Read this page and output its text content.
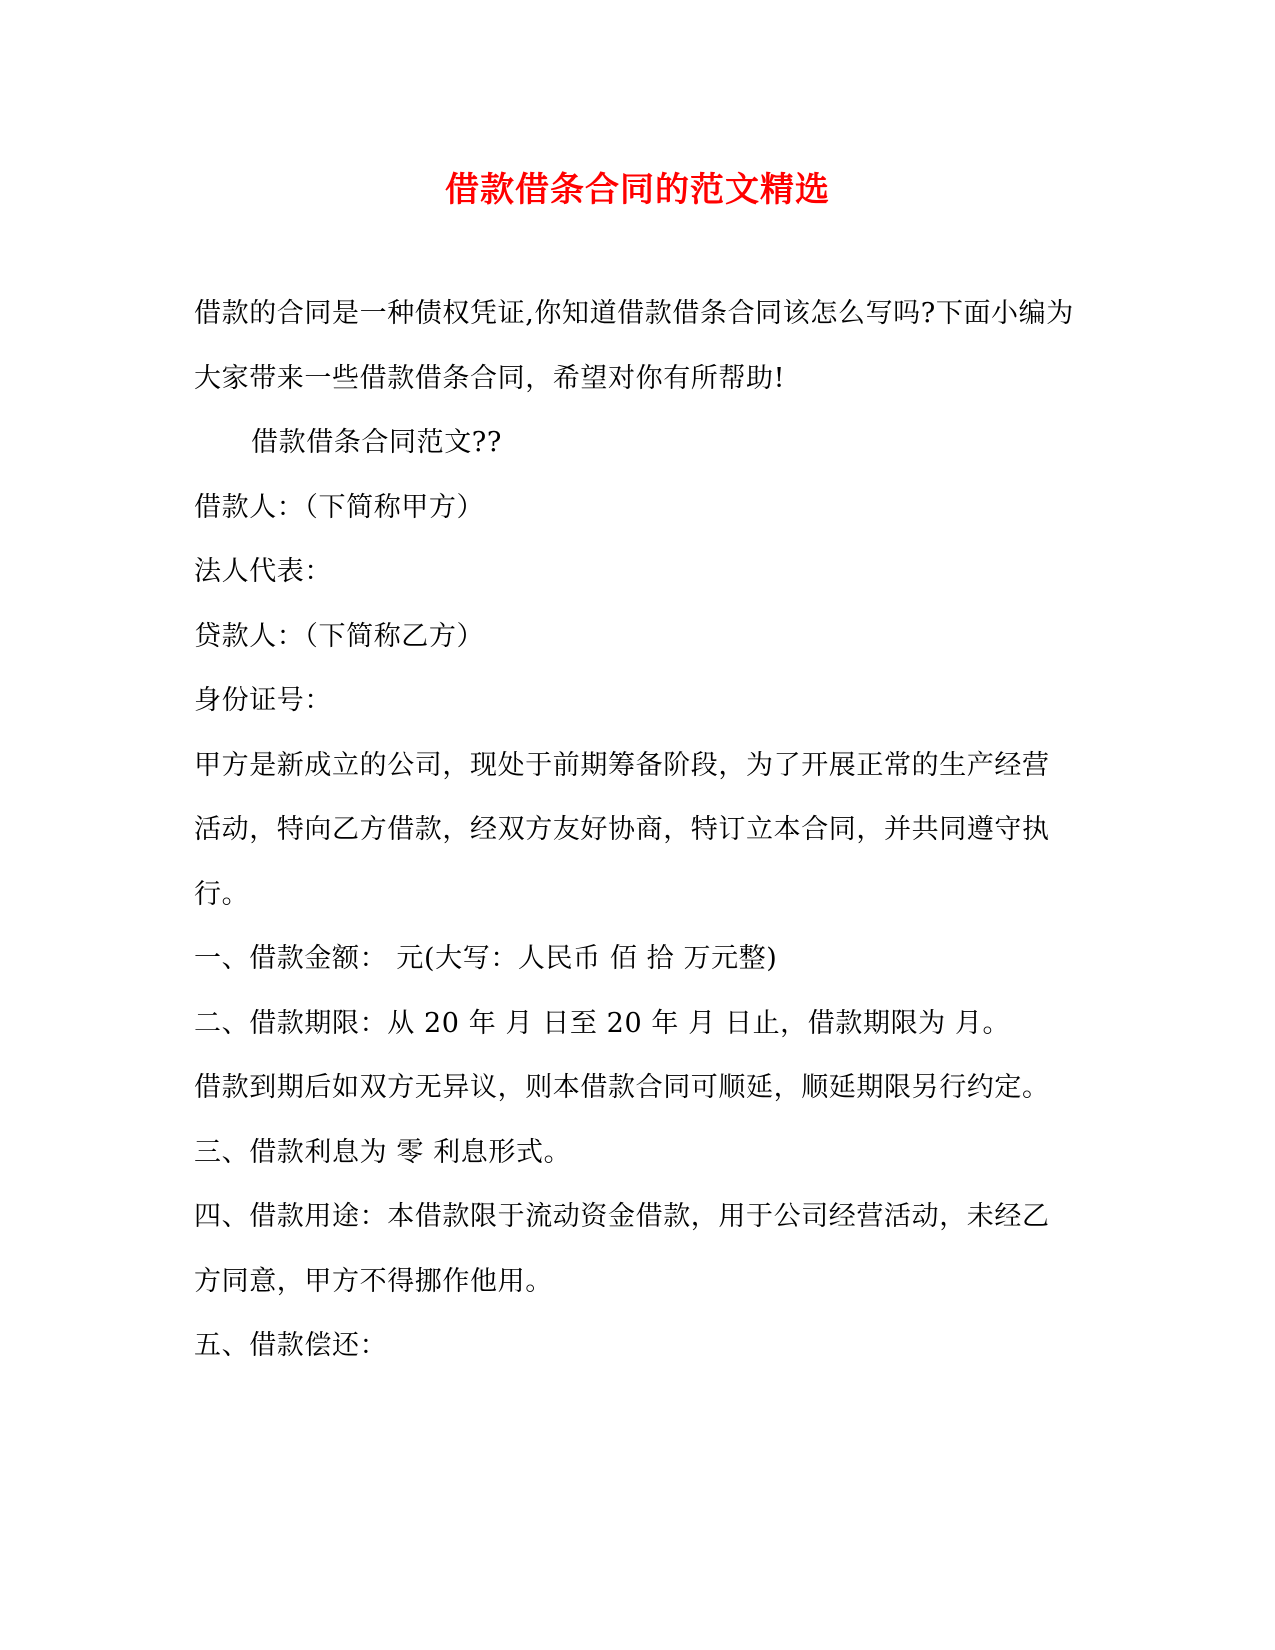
借款借条合同的范文精选

借款的合同是一种债权凭证,你知道借款借条合同该怎么写吗?下面小编为大家带来一些借款借条合同，希望对你有所帮助!

借款借条合同范文??

借款人：（下简称甲方）

法人代表：

贷款人：（下简称乙方）

身份证号：

甲方是新成立的公司，现处于前期筹备阶段，为了开展正常的生产经营活动，特向乙方借款，经双方友好协商，特订立本合同，并共同遵守执行。

一、借款金额： 元(大写：人民币 佰 拾 万元整)

二、借款期限：从 20 年 月 日至 20 年 月 日止，借款期限为 月。

借款到期后如双方无异议，则本借款合同可顺延，顺延期限另行约定。

三、借款利息为 零 利息形式。

四、借款用途：本借款限于流动资金借款，用于公司经营活动，未经乙方同意，甲方不得挪作他用。

五、借款偿还：
